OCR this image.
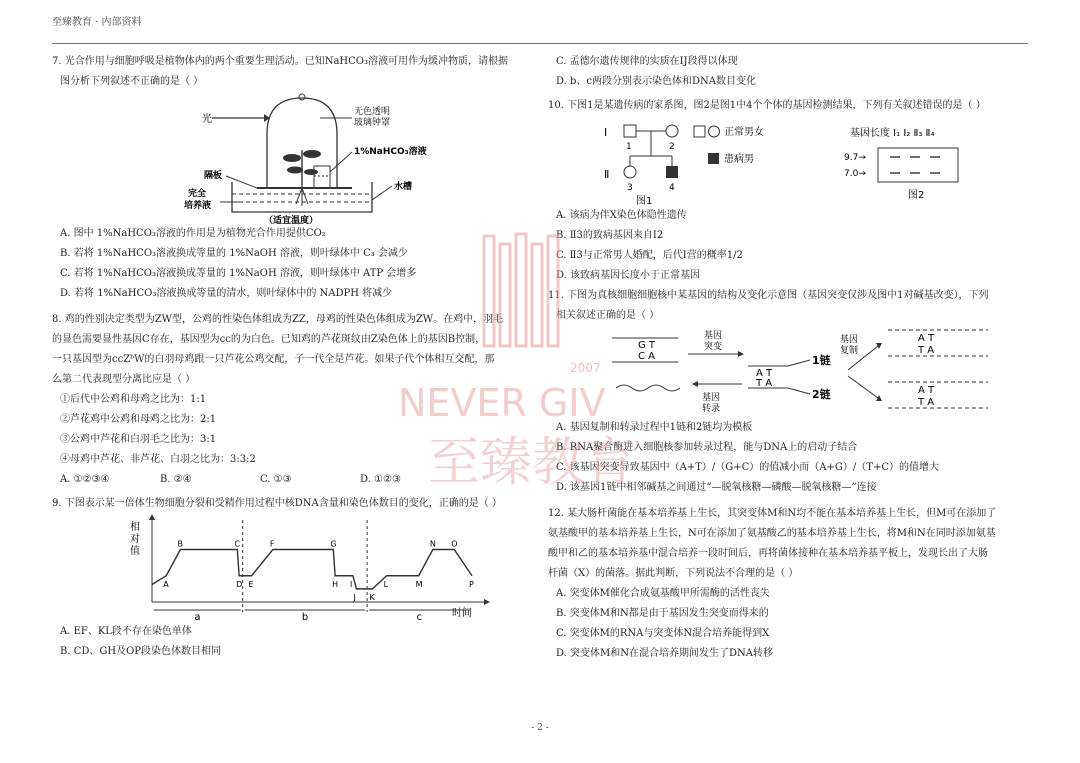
至臻教育 · 内部资料
7. 光合作用与细胞呼吸是植物体内的两个重要生理活动。已知NaHCO₃溶液可用作为缓冲物质，请根据
图分析下列叙述不正确的是（ ）
光
无色透明
玻璃钟罩
1%NaHCO₃溶液
水槽
隔板
完全
培养液
（适宜温度）
A. 图中 1%NaHCO₃溶液的作用是为植物光合作用提供CO₂
B. 若将 1%NaHCO₃溶液换成等量的 1%NaOH 溶液，则叶绿体中 C₃ 会减少
C. 若将 1%NaHCO₃溶液换成等量的 1%NaOH 溶液，则叶绿体中 ATP 会增多
D. 若将 1%NaHCO₃溶液换成等量的清水，则叶绿体中的 NADPH 将减少
8. 鸡的性别决定类型为ZW型，公鸡的性染色体组成为ZZ，母鸡的性染色体组成为ZW。在鸡中，羽毛
的显色需要显性基因C存在，基因型为cc的为白色。已知鸡的芦花斑纹由Z染色体上的基因B控制，
一只基因型为ccZᵇW的白羽母鸡跟一只芦花公鸡交配，子一代全是芦花。如果子代个体相互交配，那
么第二代表现型分离比应是（ ）
①后代中公鸡和母鸡之比为：1:1
②芦花鸡中公鸡和母鸡之比为：2:1
③公鸡中芦花和白羽毛之比为：3:1
④母鸡中芦花、非芦花、白羽之比为：3:3:2
A. ①②③④	B. ②④	C. ①③	D. ①②③
9. 下图表示某一倍体生物细胞分裂和受精作用过程中核DNA含量和染色体数目的变化，正确的是（ ）
相
对
值
时间
A
B	C
D E
F	G
H I
J K
L	M
N O
P
a	b	c
A. EF、KL段不存在染色单体
B. CD、GH及OP段染色体数目相同
C. 孟德尔遗传规律的实质在IJ段得以体现
D. b、c两段分别表示染色体和DNA数目变化
10. 下图1是某遗传病的家系图，图2是图1中4个个体的基因检测结果，下列有关叙述错误的是（ ）
Ⅰ
Ⅱ
1	2
3	4
图1
正常男女
患病男
基因长度 Ⅰ₁ Ⅰ₂ Ⅱ₃ Ⅱ₄
9.7→
7.0→
图2
A. 该病为伴X染色体隐性遗传
B. Ⅱ3的致病基因来自Ⅰ2
C. Ⅱ3与正常男人婚配，后代Ⅰ营的概率1/2
D. 该致病基因长度小于正常基因
11. 下图为真核细胞细胞核中某基因的结构及变化示意图（基因突变仅涉及图中1对碱基改变），下列
相关叙述正确的是（ ）
G T
C A
基因
突变
A T
T A
1链
2链
基因
转录
基因
复制
A T
T A
A T
T A
A. 基因复制和转录过程中1链和2链均为模板
B. RNA聚合酶进入细胞核参加转录过程，能与DNA上的启动子结合
C. 该基因突变导致基因中（A+T）/（G+C）的值减小而（A+G）/（T+C）的值增大
D. 该基因1链中相邻碱基之间通过“—脱氧核糖—磷酸—脱氧核糖—”连接
12. 某大肠杆菌能在基本培养基上生长，其突变体M和N均不能在基本培养基上生长，但M可在添加了
氨基酸甲的基本培养基上生长，N可在添加了氨基酸乙的基本培养基上生长，将M和N在同时添加氨基
酸甲和乙的基本培养基中混合培养一段时间后，再将菌体接种在基本培养基平板上，发现长出了大肠
杆菌（X）的菌落。据此判断，下列说法不合理的是（ ）
A. 突变体M催化合成氨基酸甲所需酶的活性丧失
B. 突变体M和N都是由于基因发生突变而得来的
C. 突变体M的RNA与突变体N混合培养能得到X
D. 突变体M和N在混合培养期间发生了DNA转移
2007
NEVER GIV
至臻教育
- 2 -
